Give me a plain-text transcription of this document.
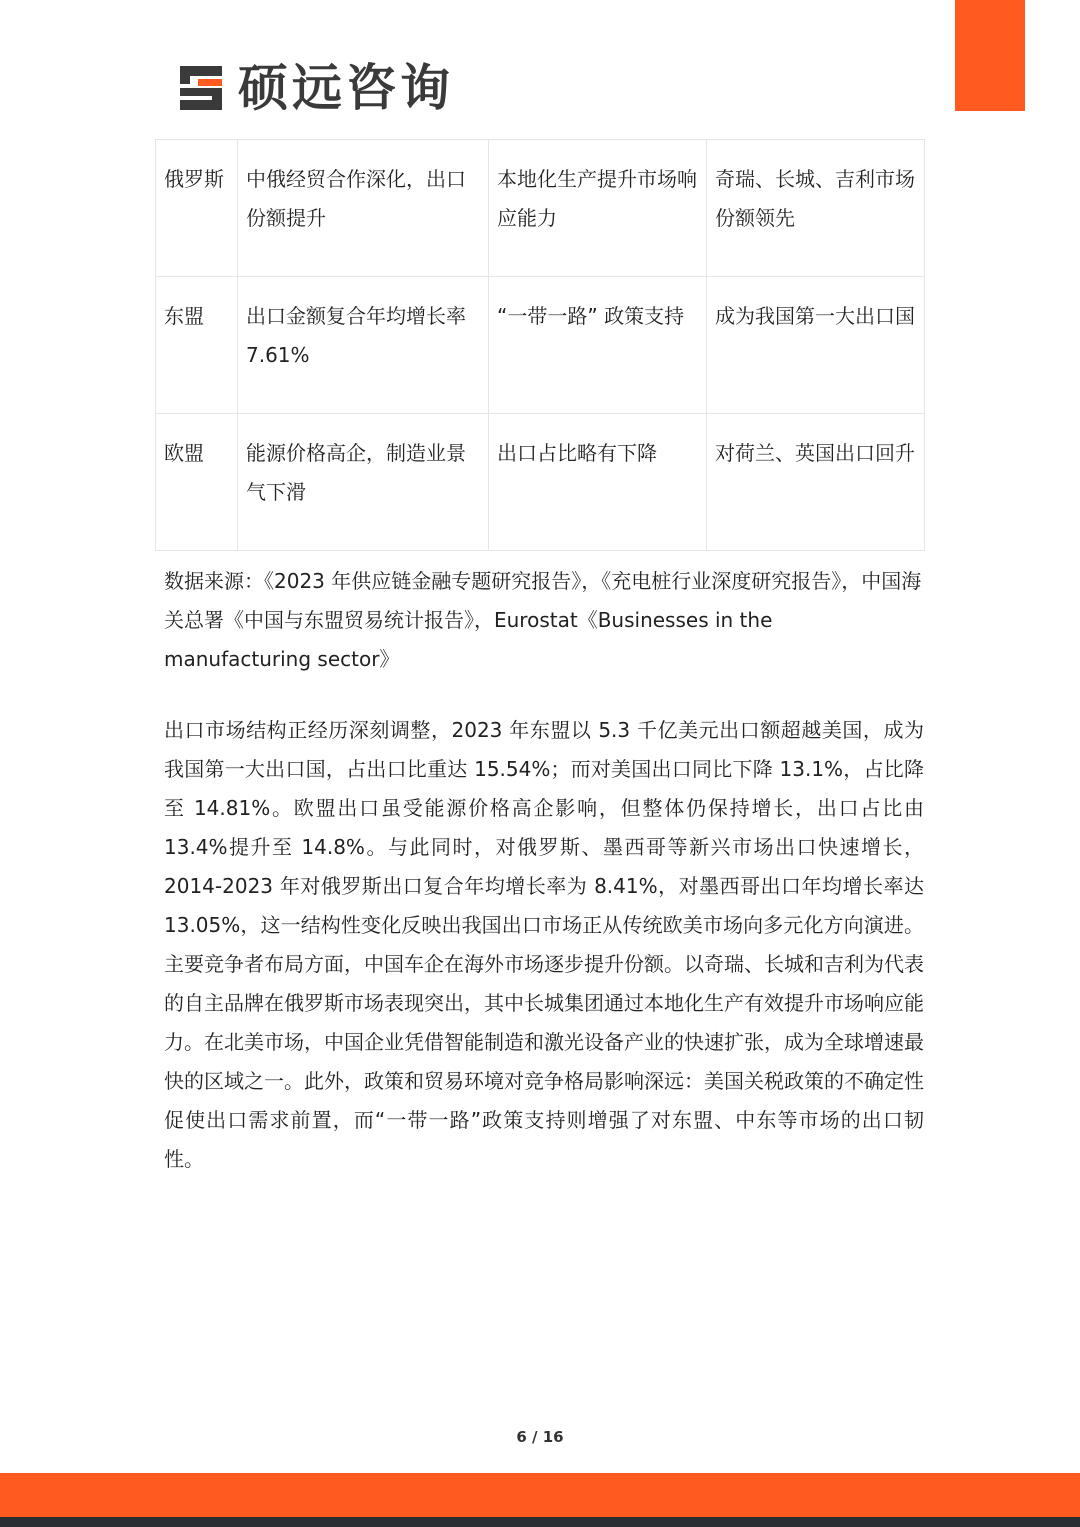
硕远咨询
俄罗斯	中俄经贸合作深化，出口份额提升	本地化生产提升市场响应能力	奇瑞、长城、吉利市场份额领先
东盟	出口金额复合年均增长率 7.61%	“一带一路” 政策支持	成为我国第一大出口国
欧盟	能源价格高企，制造业景气下滑	出口占比略有下降	对荷兰、英国出口回升
数据来源：《2023 年供应链金融专题研究报告》，《充电桩行业深度研究报告》，中国海关总署《中国与东盟贸易统计报告》，Eurostat《Businesses in the manufacturing sector》
出口市场结构正经历深刻调整，2023 年东盟以 5.3 千亿美元出口额超越美国，成为我国第一大出口国，占出口比重达 15.54%；而对美国出口同比下降 13.1%，占比降至 14.81%。欧盟出口虽受能源价格高企影响，但整体仍保持增长，出口占比由 13.4%提升至 14.8%。与此同时，对俄罗斯、墨西哥等新兴市场出口快速增长，2014-2023 年对俄罗斯出口复合年均增长率为 8.41%，对墨西哥出口年均增长率达 13.05%，这一结构性变化反映出我国出口市场正从传统欧美市场向多元化方向演进。主要竞争者布局方面，中国车企在海外市场逐步提升份额。以奇瑞、长城和吉利为代表的自主品牌在俄罗斯市场表现突出，其中长城集团通过本地化生产有效提升市场响应能力。在北美市场，中国企业凭借智能制造和激光设备产业的快速扩张，成为全球增速最快的区域之一。此外，政策和贸易环境对竞争格局影响深远：美国关税政策的不确定性促使出口需求前置，而“一带一路”政策支持则增强了对东盟、中东等市场的出口韧性。
6 / 16
